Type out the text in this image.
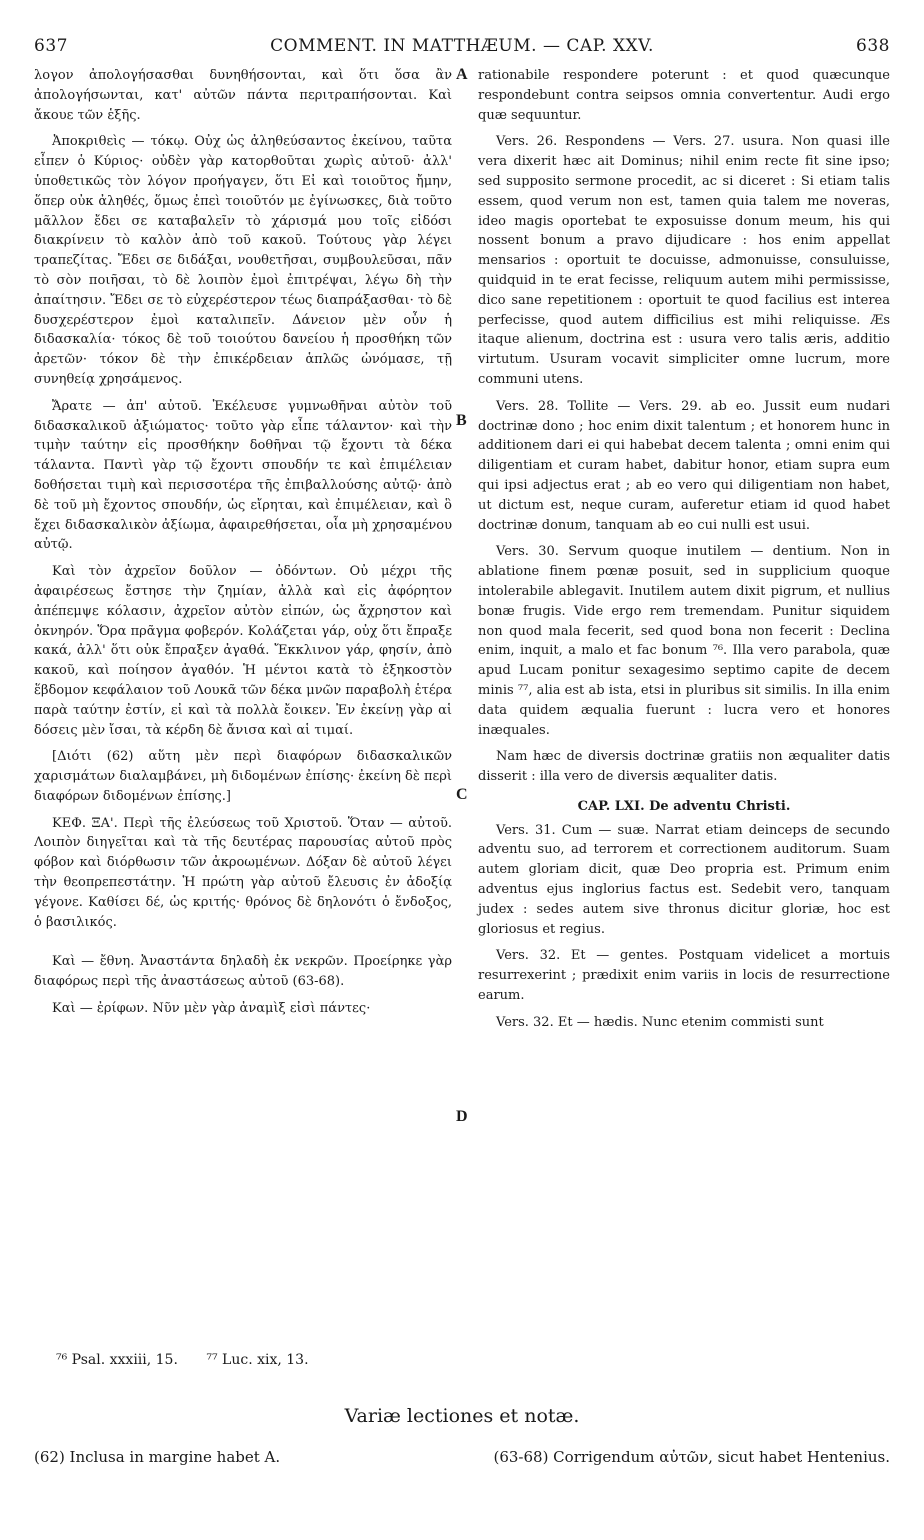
637	COMMENT. IN MATTHÆUM. — CAP. XXV.	638

λογον ἀπολογήσασθαι δυνηθήσονται, καὶ ὅτι ὅσα ἂν ἀπολογήσωνται, κατ' αὐτῶν πάντα περιτραπήσονται. Καὶ ἄκουε τῶν ἑξῆς.

Ἀποκριθεὶς — τόκῳ. Οὐχ ὡς ἀληθεύσαντος ἐκείνου, ταῦτα εἶπεν ὁ Κύριος· οὐδὲν γὰρ κατορθοῦται χωρὶς αὐτοῦ· ἀλλ' ὑποθετικῶς τὸν λόγον προήγαγεν, ὅτι Εἰ καὶ τοιοῦτος ἤμην, ὅπερ οὐκ ἀληθές, ὅμως ἐπεὶ τοιοῦτόν με ἐγίνωσκες, διὰ τοῦτο μᾶλλον ἔδει σε καταβαλεῖν τὸ χάρισμά μου τοῖς εἰδόσι διακρίνειν τὸ καλὸν ἀπὸ τοῦ κακοῦ. Τούτους γὰρ λέγει τραπεζίτας. Ἔδει σε διδάξαι, νουθετῆσαι, συμβουλεῦσαι, πᾶν τὸ σὸν ποιῆσαι, τὸ δὲ λοιπὸν ἐμοὶ ἐπιτρέψαι, λέγω δὴ τὴν ἀπαίτησιν. Ἔδει σε τὸ εὐχερέστερον τέως διαπράξασθαι· τὸ δὲ δυσχερέστερον ἐμοὶ καταλιπεῖν. Δάνειον μὲν οὖν ἡ διδασκαλία· τόκος δὲ τοῦ τοιούτου δανείου ἡ προσθήκη τῶν ἀρετῶν· τόκον δὲ τὴν ἐπικέρδειαν ἁπλῶς ὠνόμασε, τῇ συνηθείᾳ χρησάμενος.

Ἄρατε — ἀπ' αὐτοῦ. Ἐκέλευσε γυμνωθῆναι αὐτὸν τοῦ διδασκαλικοῦ ἀξιώματος· τοῦτο γὰρ εἶπε τάλαντον· καὶ τὴν τιμὴν ταύτην εἰς προσθήκην δοθῆναι τῷ ἔχοντι τὰ δέκα τάλαντα. Παντὶ γὰρ τῷ ἔχοντι σπουδήν τε καὶ ἐπιμέλειαν δοθήσεται τιμὴ καὶ περισσοτέρα τῆς ἐπιβαλλούσης αὐτῷ· ἀπὸ δὲ τοῦ μὴ ἔχοντος σπουδήν, ὡς εἴρηται, καὶ ἐπιμέλειαν, καὶ ὃ ἔχει διδασκαλικὸν ἀξίωμα, ἀφαιρεθήσεται, οἷα μὴ χρησαμένου αὐτῷ.

Καὶ τὸν ἀχρεῖον δοῦλον — ὀδόντων. Οὐ μέχρι τῆς ἀφαιρέσεως ἔστησε τὴν ζημίαν, ἀλλὰ καὶ εἰς ἀφόρητον ἀπέπεμψε κόλασιν, ἀχρεῖον αὐτὸν εἰπών, ὡς ἄχρηστον καὶ ὀκνηρόν. Ὅρα πρᾶγμα φοβερόν. Κολάζεται γάρ, οὐχ ὅτι ἔπραξε κακά, ἀλλ' ὅτι οὐκ ἔπραξεν ἀγαθά. Ἔκκλινον γάρ, φησίν, ἀπὸ κακοῦ, καὶ ποίησον ἀγαθόν. Ἡ μέντοι κατὰ τὸ ἑξηκοστὸν ἕβδομον κεφάλαιον τοῦ Λουκᾶ τῶν δέκα μνῶν παραβολὴ ἑτέρα παρὰ ταύτην ἐστίν, εἰ καὶ τὰ πολλὰ ἔοικεν. Ἐν ἐκείνῃ γὰρ αἱ δόσεις μὲν ἴσαι, τὰ κέρδη δὲ ἄνισα καὶ αἱ τιμαί.

[Διότι (62) αὕτη μὲν περὶ διαφόρων διδασκαλικῶν χαρισμάτων διαλαμβάνει, μὴ διδομένων ἐπίσης· ἐκείνη δὲ περὶ διαφόρων διδομένων ἐπίσης.]

ΚΕΦ. ΞΑ'. Περὶ τῆς ἐλεύσεως τοῦ Χριστοῦ. Ὅταν — αὐτοῦ. Λοιπὸν διηγεῖται καὶ τὰ τῆς δευτέρας παρουσίας αὐτοῦ πρὸς φόβον καὶ διόρθωσιν τῶν ἀκροωμένων. Δόξαν δὲ αὐτοῦ λέγει τὴν θεοπρεπεστάτην. Ἡ πρώτη γὰρ αὐτοῦ ἔλευσις ἐν ἀδοξίᾳ γέγονε. Καθίσει δέ, ὡς κριτής· θρόνος δὲ δηλονότι ὁ ἔνδοξος, ὁ βασιλικός.

Καὶ — ἔθνη. Ἀναστάντα δηλαδὴ ἐκ νεκρῶν. Προείρηκε γὰρ διαφόρως περὶ τῆς ἀναστάσεως αὐτοῦ (63-68).

Καὶ — ἐρίφων. Νῦν μὲν γὰρ ἀναμὶξ εἰσὶ πάντες·

A
B
C
D

rationabile respondere poterunt : et quod quæcunque respondebunt contra seipsos omnia convertentur. Audi ergo quæ sequuntur.

Vers. 26. Respondens — Vers. 27. usura. Non quasi ille vera dixerit hæc ait Dominus; nihil enim recte fit sine ipso; sed supposito sermone procedit, ac si diceret : Si etiam talis essem, quod verum non est, tamen quia talem me noveras, ideo magis oportebat te exposuisse donum meum, his qui nossent bonum a pravo dijudicare : hos enim appellat mensarios : oportuit te docuisse, admonuisse, consuluisse, quidquid in te erat fecisse, reliquum autem mihi permississe, dico sane repetitionem : oportuit te quod facilius est interea perfecisse, quod autem difficilius est mihi reliquisse. Æs itaque alienum, doctrina est : usura vero talis æris, additio virtutum. Usuram vocavit simpliciter omne lucrum, more communi utens.

Vers. 28. Tollite — Vers. 29. ab eo. Jussit eum nudari doctrinæ dono ; hoc enim dixit talentum ; et honorem hunc in additionem dari ei qui habebat decem talenta ; omni enim qui diligentiam et curam habet, dabitur honor, etiam supra eum qui ipsi adjectus erat ; ab eo vero qui diligentiam non habet, ut dictum est, neque curam, auferetur etiam id quod habet doctrinæ donum, tanquam ab eo cui nulli est usui.

Vers. 30. Servum quoque inutilem — dentium. Non in ablatione finem pœnæ posuit, sed in supplicium quoque intolerabile ablegavit. Inutilem autem dixit pigrum, et nullius bonæ frugis. Vide ergo rem tremendam. Punitur siquidem non quod mala fecerit, sed quod bona non fecerit : Declina enim, inquit, a malo et fac bonum ⁷⁶. Illa vero parabola, quæ apud Lucam ponitur sexagesimo septimo capite de decem minis ⁷⁷, alia est ab ista, etsi in pluribus sit similis. In illa enim data quidem æqualia fuerunt : lucra vero et honores inæquales.

Nam hæc de diversis doctrinæ gratiis non æqualiter datis disserit : illa vero de diversis æqualiter datis.

CAP. LXI. De adventu Christi.

Vers. 31. Cum — suæ. Narrat etiam deinceps de secundo adventu suo, ad terrorem et correctionem auditorum. Suam autem gloriam dicit, quæ Deo propria est. Primum enim adventus ejus inglorius factus est. Sedebit vero, tanquam judex : sedes autem sive thronus dicitur gloriæ, hoc est gloriosus et regius.

Vers. 32. Et — gentes. Postquam videlicet a mortuis resurrexerint ; prædixit enim variis in locis de resurrectione earum.

Vers. 32. Et — hædis. Nunc etenim commisti sunt

⁷⁶ Psal. xxxiii, 15. ⁷⁷ Luc. xix, 13.
Variæ lectiones et notæ.
(62) Inclusa in margine habet A.	(63-68) Corrigendum αὐτῶν, sicut habet Hentenius.
